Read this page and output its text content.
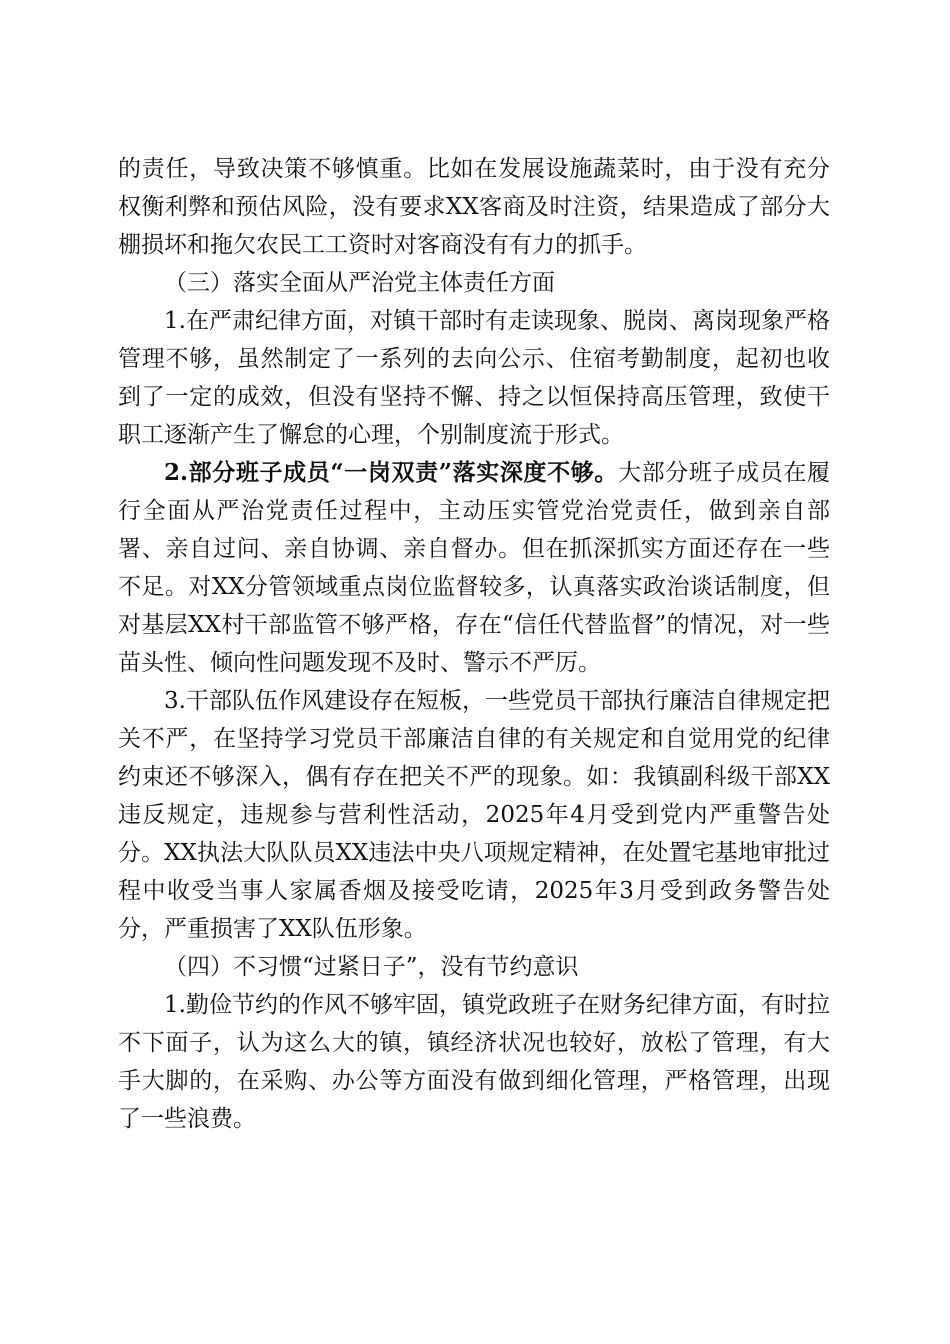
的责任，导致决策不够慎重。比如在发展设施蔬菜时，由于没有充分权衡利弊和预估风险，没有要求XX客商及时注资，结果造成了部分大棚损坏和拖欠农民工工资时对客商没有有力的抓手。

（三）落实全面从严治党主体责任方面

1.在严肃纪律方面，对镇干部时有走读现象、脱岗、离岗现象严格管理不够，虽然制定了一系列的去向公示、住宿考勤制度，起初也收到了一定的成效，但没有坚持不懈、持之以恒保持高压管理，致使干职工逐渐产生了懈怠的心理，个别制度流于形式。

2.部分班子成员“一岗双责”落实深度不够。大部分班子成员在履行全面从严治党责任过程中，主动压实管党治党责任，做到亲自部署、亲自过问、亲自协调、亲自督办。但在抓深抓实方面还存在一些不足。对XX分管领域重点岗位监督较多，认真落实政治谈话制度，但对基层XX村干部监管不够严格，存在“信任代替监督”的情况，对一些苗头性、倾向性问题发现不及时、警示不严厉。

3.干部队伍作风建设存在短板，一些党员干部执行廉洁自律规定把关不严，在坚持学习党员干部廉洁自律的有关规定和自觉用党的纪律约束还不够深入，偶有存在把关不严的现象。如：我镇副科级干部XX违反规定，违规参与营利性活动，2025年4月受到党内严重警告处分。XX执法大队队员XX违法中央八项规定精神，在处置宅基地审批过程中收受当事人家属香烟及接受吃请，2025年3月受到政务警告处分，严重损害了XX队伍形象。

（四）不习惯“过紧日子”，没有节约意识

1.勤俭节约的作风不够牢固，镇党政班子在财务纪律方面，有时拉不下面子，认为这么大的镇，镇经济状况也较好，放松了管理，有大手大脚的，在采购、办公等方面没有做到细化管理，严格管理，出现了一些浪费。
